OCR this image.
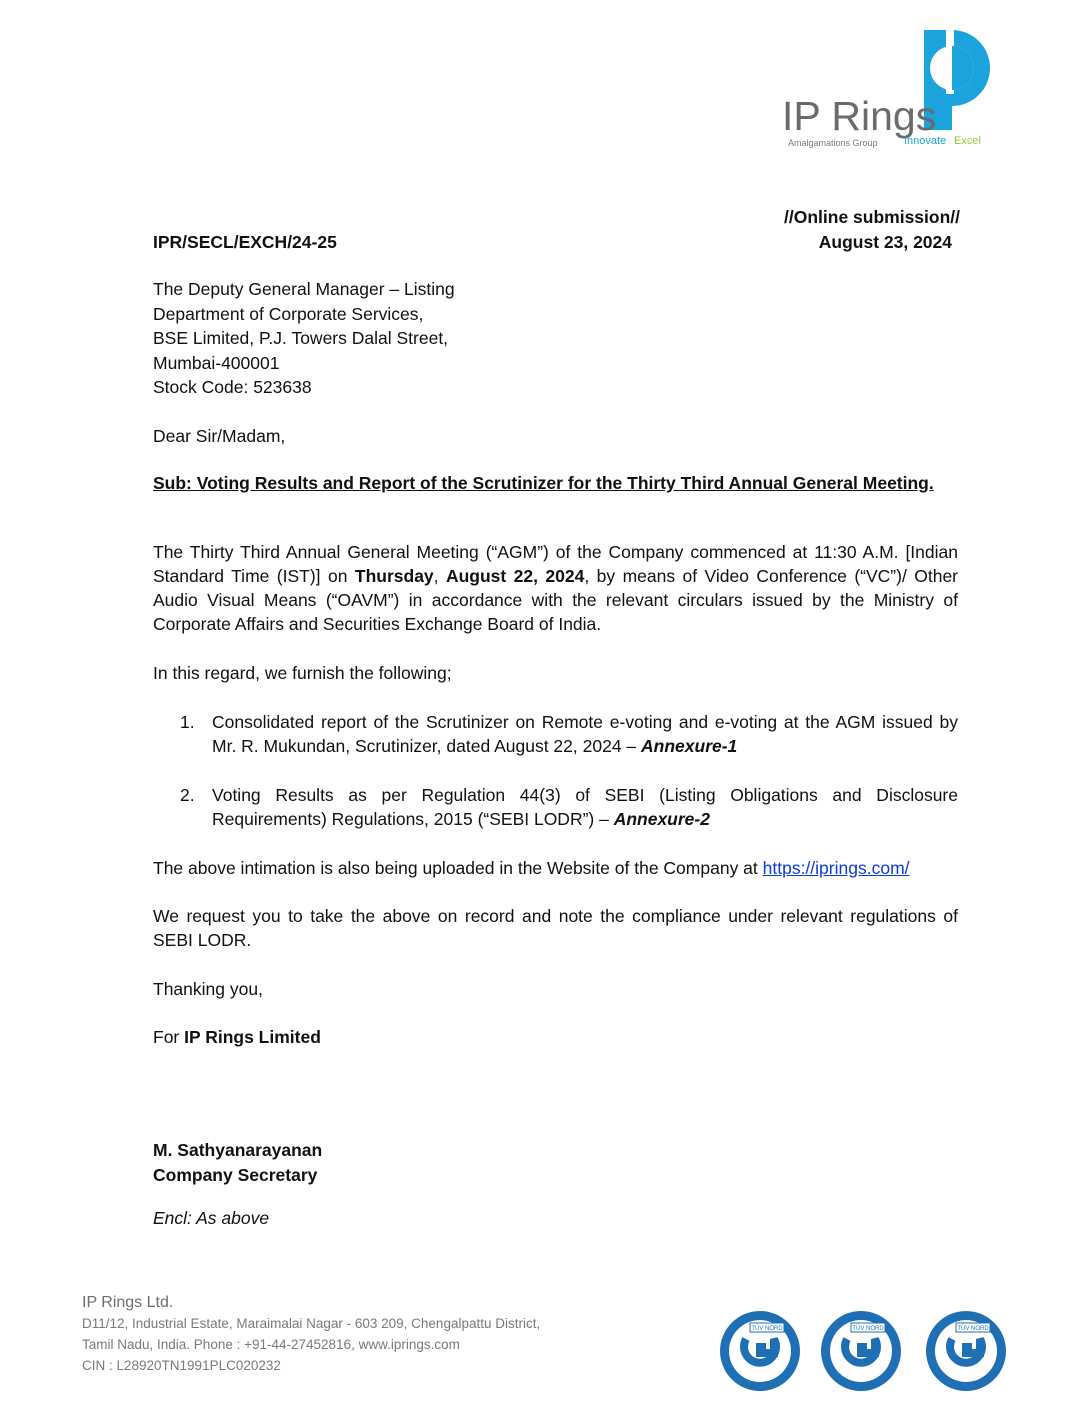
IP Rings
Amalgamations Group Innovate Excel
//Online submission//
IPR/SECL/EXCH/24-25	August 23, 2024
The Deputy General Manager – Listing
Department of Corporate Services,
BSE Limited, P.J. Towers Dalal Street,
Mumbai-400001
Stock Code: 523638
Dear Sir/Madam,
Sub: Voting Results and Report of the Scrutinizer for the Thirty Third Annual General Meeting.
The Thirty Third Annual General Meeting (“AGM”) of the Company commenced at 11:30 A.M. [Indian Standard Time (IST)] on Thursday, August 22, 2024, by means of Video Conference (“VC”)/ Other Audio Visual Means (“OAVM”) in accordance with the relevant circulars issued by the Ministry of Corporate Affairs and Securities Exchange Board of India.
In this regard, we furnish the following;
1. Consolidated report of the Scrutinizer on Remote e-voting and e-voting at the AGM issued by Mr. R. Mukundan, Scrutinizer, dated August 22, 2024 – Annexure-1
2. Voting Results as per Regulation 44(3) of SEBI (Listing Obligations and Disclosure Requirements) Regulations, 2015 (“SEBI LODR”) – Annexure-2
The above intimation is also being uploaded in the Website of the Company at https://iprings.com/
We request you to take the above on record and note the compliance under relevant regulations of SEBI LODR.
Thanking you,
For IP Rings Limited
M. Sathyanarayanan
Company Secretary
Encl: As above
IP Rings Ltd.
D11/12, Industrial Estate, Maraimalai Nagar - 603 209, Chengalpattu District,
Tamil Nadu, India. Phone : +91-44-27452816, www.iprings.com
CIN : L28920TN1991PLC020232
TÜV NORD	TÜV NORD	TÜV NORD
